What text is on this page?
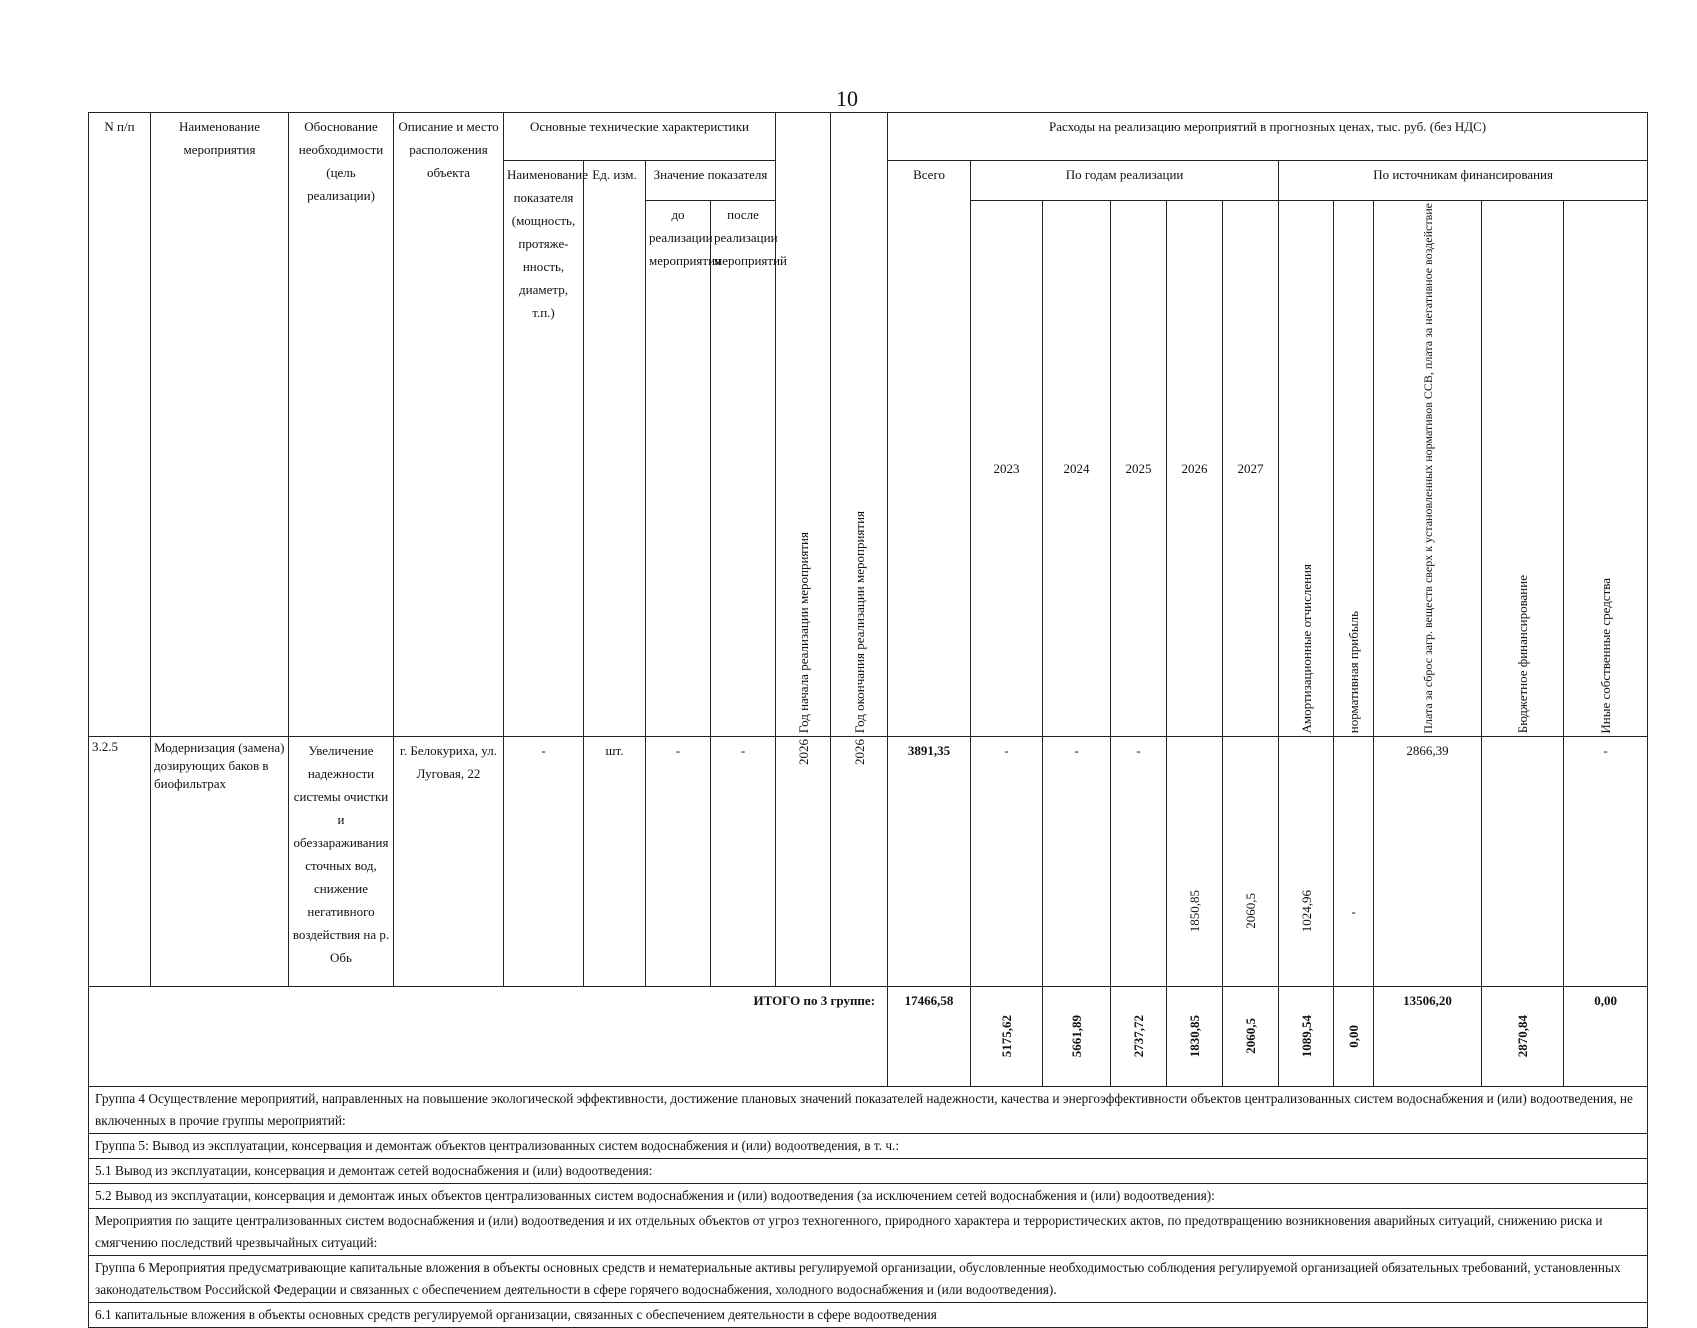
10
N п/п	Наименование мероприятия	Обоснование необходимости (цель реализации)	Описание и место расположения объекта	Основные технические характеристики				Год начала реализации мероприятия	Год окончания реализации мероприятия	Расходы на реализацию мероприятий в прогнозных ценах, тыс. руб. (без НДС)										
				Наименование показателя (мощность, протяже-нность, диаметр, т.п.)	Ед. изм.	Значение показателя				Всего	По годам реализации					По источникам финансирования				
						до реализации мероприятия	после реализации мероприятий				2023	2024	2025	2026	2027	Амортизационные отчисления	нормативная прибыль	Плата за сброс загр. веществ сверх к установленных нормативов ССВ, плата за негативное воздействие	Бюджетное финансирование	Иные собственные средства

3.2.5	Модернизация (замена) дозирующих баков в биофильтрах	Увеличение надежности системы очистки и обеззараживания сточных вод, снижение негативного воздействия на р. Обь	г. Белокуриха, ул. Луговая, 22	-	шт.	-	-	2026	2026	3891,35	-	-	-	1850,85	2060,5	1024,96	-	2866,39		-
ИТОГО по 3 группе:										17466,58	5175,62	5661,89	2737,72	1830,85	2060,5	1089,54	0,00	13506,20	2870,84	0,00
Группа 4 Осуществление мероприятий, направленных на повышение экологической эффективности, достижение плановых значений показателей надежности, качества и энергоэффективности объектов централизованных систем водоснабжения и (или) водоотведения, не включенных в прочие группы мероприятий:																				
Группа 5: Вывод из эксплуатации, консервация и демонтаж объектов централизованных систем водоснабжения и (или) водоотведения, в т. ч.:																				
5.1 Вывод из эксплуатации, консервация и демонтаж сетей водоснабжения и (или) водоотведения:																				
5.2 Вывод из эксплуатации, консервация и демонтаж иных объектов централизованных систем водоснабжения и (или) водоотведения (за исключением сетей водоснабжения и (или) водоотведения):																				
Мероприятия по защите централизованных систем водоснабжения и (или) водоотведения и их отдельных объектов от угроз техногенного, природного характера и террористических актов, по предотвращению возникновения аварийных ситуаций, снижению риска и смягчению последствий чрезвычайных ситуаций:																				
Группа 6 Мероприятия предусматривающие капитальные вложения в объекты основных средств и нематериальные активы регулируемой организации, обусловленные необходимостью соблюдения регулируемой организацией обязательных требований, установленных законодательством Российской Федерации и связанных с обеспечением деятельности в сфере горячего водоснабжения, холодного водоснабжения и (или водоотведения).																				
6.1 капитальные вложения в объекты основных средств регулируемой организации, связанных с обеспечением деятельности в сфере водоотведения																				
